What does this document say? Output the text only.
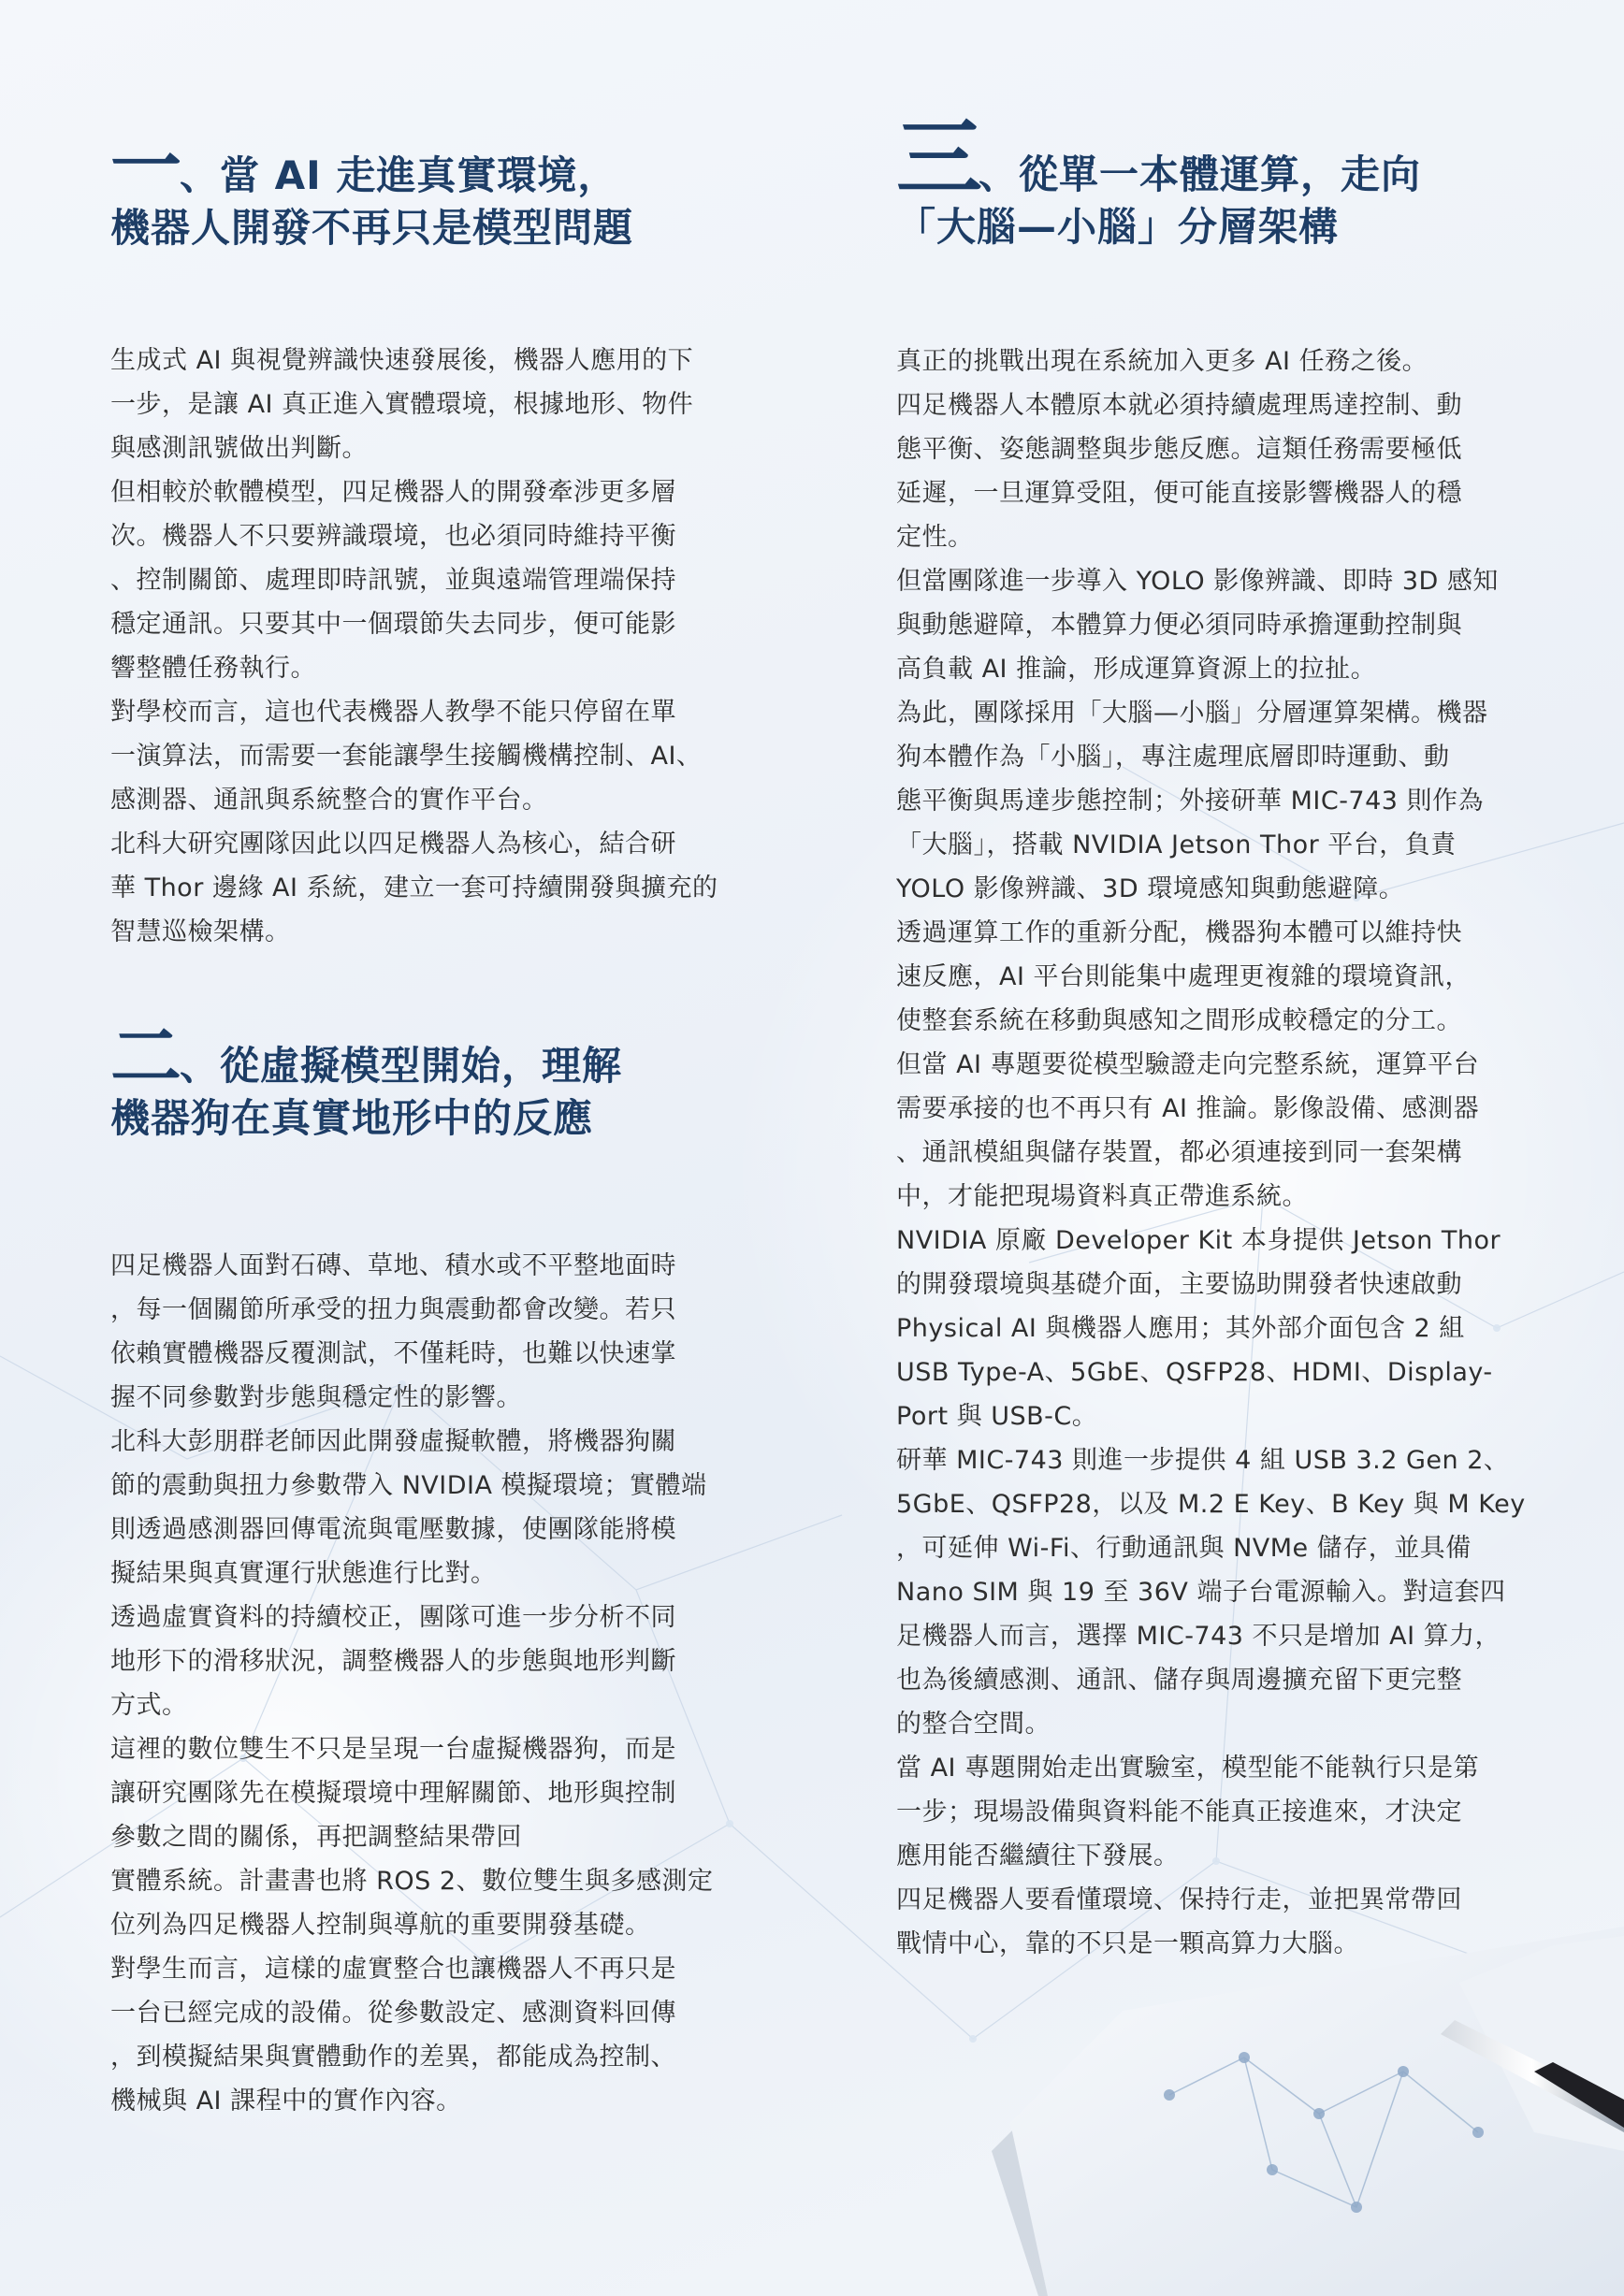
一、當 AI 走進真實環境，
機器人開發不再只是模型問題

生成式 AI 與視覺辨識快速發展後，機器人應用的下
一步，是讓 AI 真正進入實體環境，根據地形、物件
與感測訊號做出判斷。

但相較於軟體模型，四足機器人的開發牽涉更多層
次。機器人不只要辨識環境，也必須同時維持平衡
、控制關節、處理即時訊號，並與遠端管理端保持
穩定通訊。只要其中一個環節失去同步，便可能影
響整體任務執行。

對學校而言，這也代表機器人教學不能只停留在單
一演算法，而需要一套能讓學生接觸機構控制、AI、
感測器、通訊與系統整合的實作平台。

北科大研究團隊因此以四足機器人為核心，結合研
華 Thor 邊緣 AI 系統，建立一套可持續開發與擴充的
智慧巡檢架構。

二、從虛擬模型開始，理解
機器狗在真實地形中的反應

四足機器人面對石磚、草地、積水或不平整地面時
，每一個關節所承受的扭力與震動都會改變。若只
依賴實體機器反覆測試，不僅耗時，也難以快速掌
握不同參數對步態與穩定性的影響。

北科大彭朋群老師因此開發虛擬軟體，將機器狗關
節的震動與扭力參數帶入 NVIDIA 模擬環境；實體端
則透過感測器回傳電流與電壓數據，使團隊能將模
擬結果與真實運行狀態進行比對。

透過虛實資料的持續校正，團隊可進一步分析不同
地形下的滑移狀況，調整機器人的步態與地形判斷
方式。

這裡的數位雙生不只是呈現一台虛擬機器狗，而是
讓研究團隊先在模擬環境中理解關節、地形與控制
參數之間的關係，再把調整結果帶回
實體系統。計畫書也將 ROS 2、數位雙生與多感測定
位列為四足機器人控制與導航的重要開發基礎。

對學生而言，這樣的虛實整合也讓機器人不再只是
一台已經完成的設備。從參數設定、感測資料回傳
，到模擬結果與實體動作的差異，都能成為控制、
機械與 AI 課程中的實作內容。

三、從單一本體運算，走向
「大腦—小腦」分層架構

真正的挑戰出現在系統加入更多 AI 任務之後。

四足機器人本體原本就必須持續處理馬達控制、動
態平衡、姿態調整與步態反應。這類任務需要極低
延遲，一旦運算受阻，便可能直接影響機器人的穩
定性。

但當團隊進一步導入 YOLO 影像辨識、即時 3D 感知
與動態避障，本體算力便必須同時承擔運動控制與
高負載 AI 推論，形成運算資源上的拉扯。

為此，團隊採用「大腦—小腦」分層運算架構。機器
狗本體作為「小腦」，專注處理底層即時運動、動
態平衡與馬達步態控制；外接研華 MIC-743 則作為
「大腦」，搭載 NVIDIA Jetson Thor 平台，負責
YOLO 影像辨識、3D 環境感知與動態避障。

透過運算工作的重新分配，機器狗本體可以維持快
速反應，AI 平台則能集中處理更複雜的環境資訊，
使整套系統在移動與感知之間形成較穩定的分工。

但當 AI 專題要從模型驗證走向完整系統，運算平台
需要承接的也不再只有 AI 推論。影像設備、感測器
、通訊模組與儲存裝置，都必須連接到同一套架構
中，才能把現場資料真正帶進系統。

NVIDIA 原廠 Developer Kit 本身提供 Jetson Thor
的開發環境與基礎介面，主要協助開發者快速啟動
Physical AI 與機器人應用；其外部介面包含 2 組
USB Type-A、5GbE、QSFP28、HDMI、Display-
Port 與 USB-C。

研華 MIC-743 則進一步提供 4 組 USB 3.2 Gen 2、
5GbE、QSFP28，以及 M.2 E Key、B Key 與 M Key
，可延伸 Wi-Fi、行動通訊與 NVMe 儲存，並具備
Nano SIM 與 19 至 36V 端子台電源輸入。對這套四
足機器人而言，選擇 MIC-743 不只是增加 AI 算力，
也為後續感測、通訊、儲存與周邊擴充留下更完整
的整合空間。

當 AI 專題開始走出實驗室，模型能不能執行只是第
一步；現場設備與資料能不能真正接進來，才決定
應用能否繼續往下發展。

四足機器人要看懂環境、保持行走，並把異常帶回
戰情中心，靠的不只是一顆高算力大腦。
